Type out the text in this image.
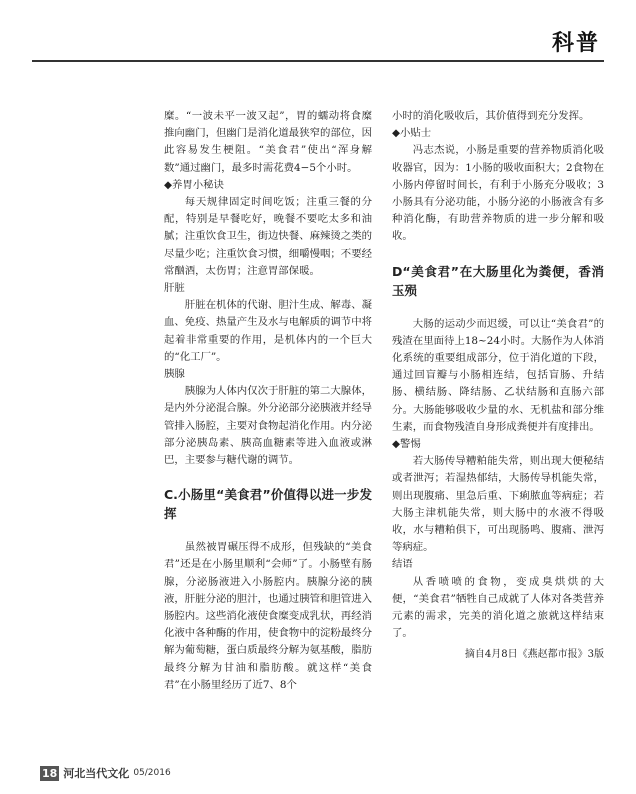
科普

糜。“一波未平一波又起”，胃的蠕动将食糜推向幽门，但幽门是消化道最狭窄的部位，因此容易发生梗阻。“美食君”使出“浑身解数”通过幽门，最多时需花费4−5个小时。

◆养胃小秘诀

每天规律固定时间吃饭；注重三餐的分配，特别是早餐吃好，晚餐不要吃太多和油腻；注重饮食卫生，街边快餐、麻辣烫之类的尽量少吃；注重饮食习惯，细嚼慢咽；不要经常酗酒，太伤胃；注意胃部保暖。

肝脏

肝脏在机体的代谢、胆汁生成、解毒、凝血、免疫、热量产生及水与电解质的调节中将起着非常重要的作用，是机体内的一个巨大的“化工厂”。

胰腺

胰腺为人体内仅次于肝脏的第二大腺体，是内外分泌混合腺。外分泌部分泌胰液并经导管排入肠腔，主要对食物起消化作用。内分泌部分泌胰岛素、胰高血糖素等进入血液或淋巴，主要参与糖代谢的调节。

C.小肠里“美食君”价值得以进一步发挥

虽然被胃碾压得不成形，但残缺的“美食君”还是在小肠里顺利“会师”了。小肠壁有肠腺，分泌肠液进入小肠腔内。胰腺分泌的胰液，肝脏分泌的胆汁，也通过胰管和胆管进入肠腔内。这些消化液使食糜变成乳状，再经消化液中各种酶的作用，使食物中的淀粉最终分解为葡萄糖，蛋白质最终分解为氨基酸，脂肪最终分解为甘油和脂肪酸。就这样“美食君”在小肠里经历了近7、8个

小时的消化吸收后，其价值得到充分发挥。

◆小贴士

冯志杰说，小肠是重要的营养物质消化吸收器官，因为：1小肠的吸收面积大；2食物在小肠内停留时间长，有利于小肠充分吸收；3小肠具有分泌功能，小肠分泌的小肠液含有多种消化酶，有助营养物质的进一步分解和吸收。

D“美食君”在大肠里化为粪便，香消玉殒

大肠的运动少而迟缓，可以让“美食君”的残渣在里面待上18~24小时。大肠作为人体消化系统的重要组成部分，位于消化道的下段，通过回盲瓣与小肠相连结，包括盲肠、升结肠、横结肠、降结肠、乙状结肠和直肠六部分。大肠能够吸收少量的水、无机盐和部分维生素，而食物残渣自身形成粪便并有度排出。

◆警惕

若大肠传导糟粕能失常，则出现大便秘结或者泄泻；若湿热郁结，大肠传导机能失常，则出现腹痛、里急后重、下痢脓血等病症；若大肠主津机能失常，则大肠中的水液不得吸收，水与糟粕俱下，可出现肠鸣、腹痛、泄泻等病症。

结语

从香喷喷的食物，变成臭烘烘的大便，“美食君”牺牲自己成就了人体对各类营养元素的需求，完美的消化道之旅就这样结束了。

摘自4月8日《燕赵都市报》3版

18 河北当代文化 05/2016
